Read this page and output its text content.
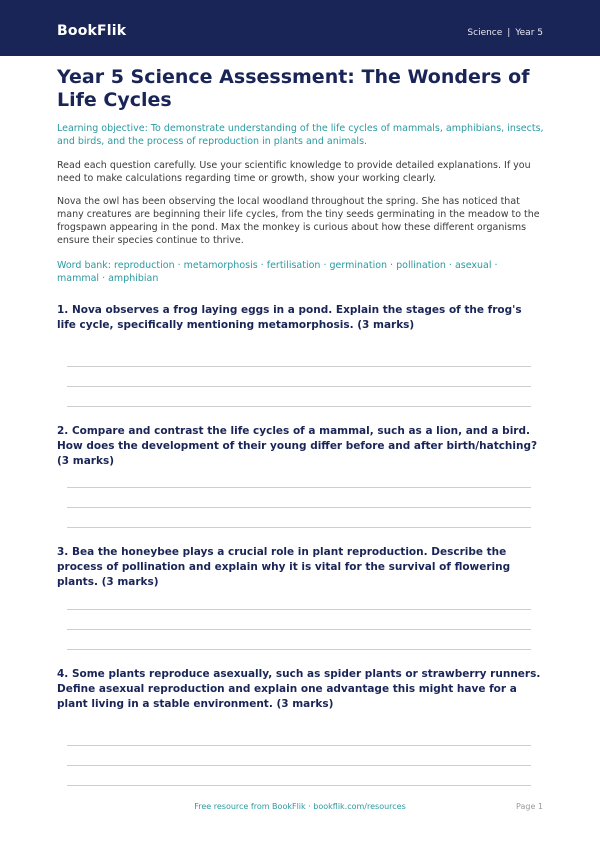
BookFlik	Science | Year 5
Year 5 Science Assessment: The Wonders of Life Cycles

Learning objective: To demonstrate understanding of the life cycles of mammals, amphibians, insects, and birds, and the process of reproduction in plants and animals.

Read each question carefully. Use your scientific knowledge to provide detailed explanations. If you need to make calculations regarding time or growth, show your working clearly.

Nova the owl has been observing the local woodland throughout the spring. She has noticed that many creatures are beginning their life cycles, from the tiny seeds germinating in the meadow to the frogspawn appearing in the pond. Max the monkey is curious about how these different organisms ensure their species continue to thrive.

Word bank: reproduction · metamorphosis · fertilisation · germination · pollination · asexual · mammal · amphibian

1. Nova observes a frog laying eggs in a pond. Explain the stages of the frog's life cycle, specifically mentioning metamorphosis. (3 marks)

2. Compare and contrast the life cycles of a mammal, such as a lion, and a bird. How does the development of their young differ before and after birth/hatching? (3 marks)

3. Bea the honeybee plays a crucial role in plant reproduction. Describe the process of pollination and explain why it is vital for the survival of flowering plants. (3 marks)

4. Some plants reproduce asexually, such as spider plants or strawberry runners. Define asexual reproduction and explain one advantage this might have for a plant living in a stable environment. (3 marks)

Free resource from BookFlik · bookflik.com/resources	Page 1
